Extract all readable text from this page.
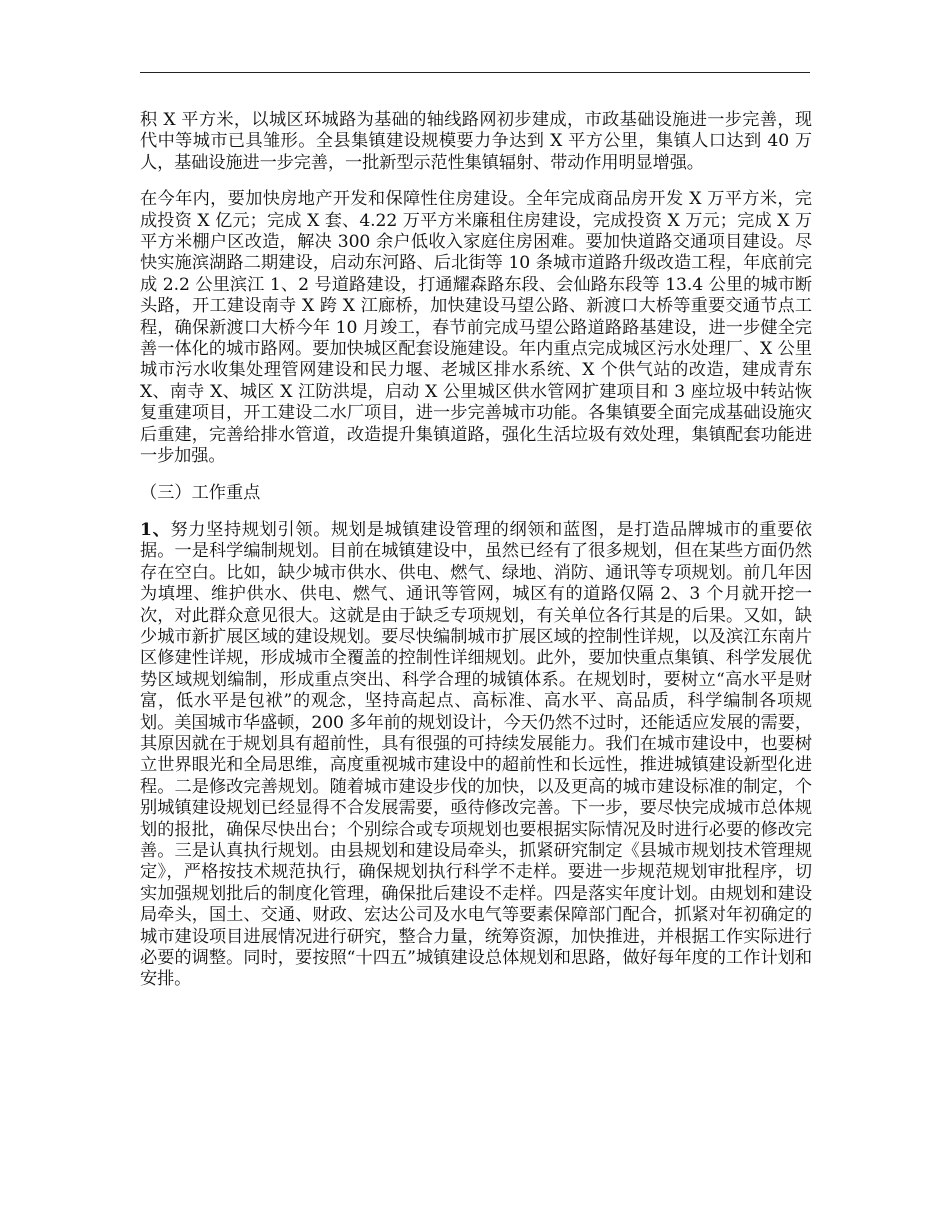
积 X 平方米，以城区环城路为基础的轴线路网初步建成，市政基础设施进一步完善，现代中等城市已具雏形。全县集镇建设规模要力争达到 X 平方公里，集镇人口达到 40 万人，基础设施进一步完善，一批新型示范性集镇辐射、带动作用明显增强。

在今年内，要加快房地产开发和保障性住房建设。全年完成商品房开发 X 万平方米，完成投资 X 亿元；完成 X 套、4.22 万平方米廉租住房建设，完成投资 X 万元；完成 X 万平方米棚户区改造，解决 300 余户低收入家庭住房困难。要加快道路交通项目建设。尽快实施滨湖路二期建设，启动东河路、后北街等 10 条城市道路升级改造工程，年底前完成 2.2 公里滨江 1、2 号道路建设，打通耀森路东段、会仙路东段等 13.4 公里的城市断头路，开工建设南寺 X 跨 X 江廊桥，加快建设马望公路、新渡口大桥等重要交通节点工程，确保新渡口大桥今年 10 月竣工，春节前完成马望公路道路路基建设，进一步健全完善一体化的城市路网。要加快城区配套设施建设。年内重点完成城区污水处理厂、X 公里城市污水收集处理管网建设和民力堰、老城区排水系统、X 个供气站的改造，建成青东 X、南寺 X、城区 X 江防洪堤，启动 X 公里城区供水管网扩建项目和 3 座垃圾中转站恢复重建项目，开工建设二水厂项目，进一步完善城市功能。各集镇要全面完成基础设施灾后重建，完善给排水管道，改造提升集镇道路，强化生活垃圾有效处理，集镇配套功能进一步加强。

（三）工作重点

1、努力坚持规划引领。规划是城镇建设管理的纲领和蓝图，是打造品牌城市的重要依据。一是科学编制规划。目前在城镇建设中，虽然已经有了很多规划，但在某些方面仍然存在空白。比如，缺少城市供水、供电、燃气、绿地、消防、通讯等专项规划。前几年因为填埋、维护供水、供电、燃气、通讯等管网，城区有的道路仅隔 2、3 个月就开挖一次，对此群众意见很大。这就是由于缺乏专项规划，有关单位各行其是的后果。又如，缺少城市新扩展区域的建设规划。要尽快编制城市扩展区域的控制性详规，以及滨江东南片区修建性详规，形成城市全覆盖的控制性详细规划。此外，要加快重点集镇、科学发展优势区域规划编制，形成重点突出、科学合理的城镇体系。在规划时，要树立“高水平是财富，低水平是包袱”的观念，坚持高起点、高标准、高水平、高品质，科学编制各项规划。美国城市华盛顿，200 多年前的规划设计，今天仍然不过时，还能适应发展的需要，其原因就在于规划具有超前性，具有很强的可持续发展能力。我们在城市建设中，也要树立世界眼光和全局思维，高度重视城市建设中的超前性和长远性，推进城镇建设新型化进程。二是修改完善规划。随着城市建设步伐的加快，以及更高的城市建设标准的制定，个别城镇建设规划已经显得不合发展需要，亟待修改完善。下一步，要尽快完成城市总体规划的报批，确保尽快出台；个别综合或专项规划也要根据实际情况及时进行必要的修改完善。三是认真执行规划。由县规划和建设局牵头，抓紧研究制定《县城市规划技术管理规定》，严格按技术规范执行，确保规划执行科学不走样。要进一步规范规划审批程序，切实加强规划批后的制度化管理，确保批后建设不走样。四是落实年度计划。由规划和建设局牵头，国土、交通、财政、宏达公司及水电气等要素保障部门配合，抓紧对年初确定的城市建设项目进展情况进行研究，整合力量，统筹资源，加快推进，并根据工作实际进行必要的调整。同时，要按照“十四五”城镇建设总体规划和思路，做好每年度的工作计划和安排。
